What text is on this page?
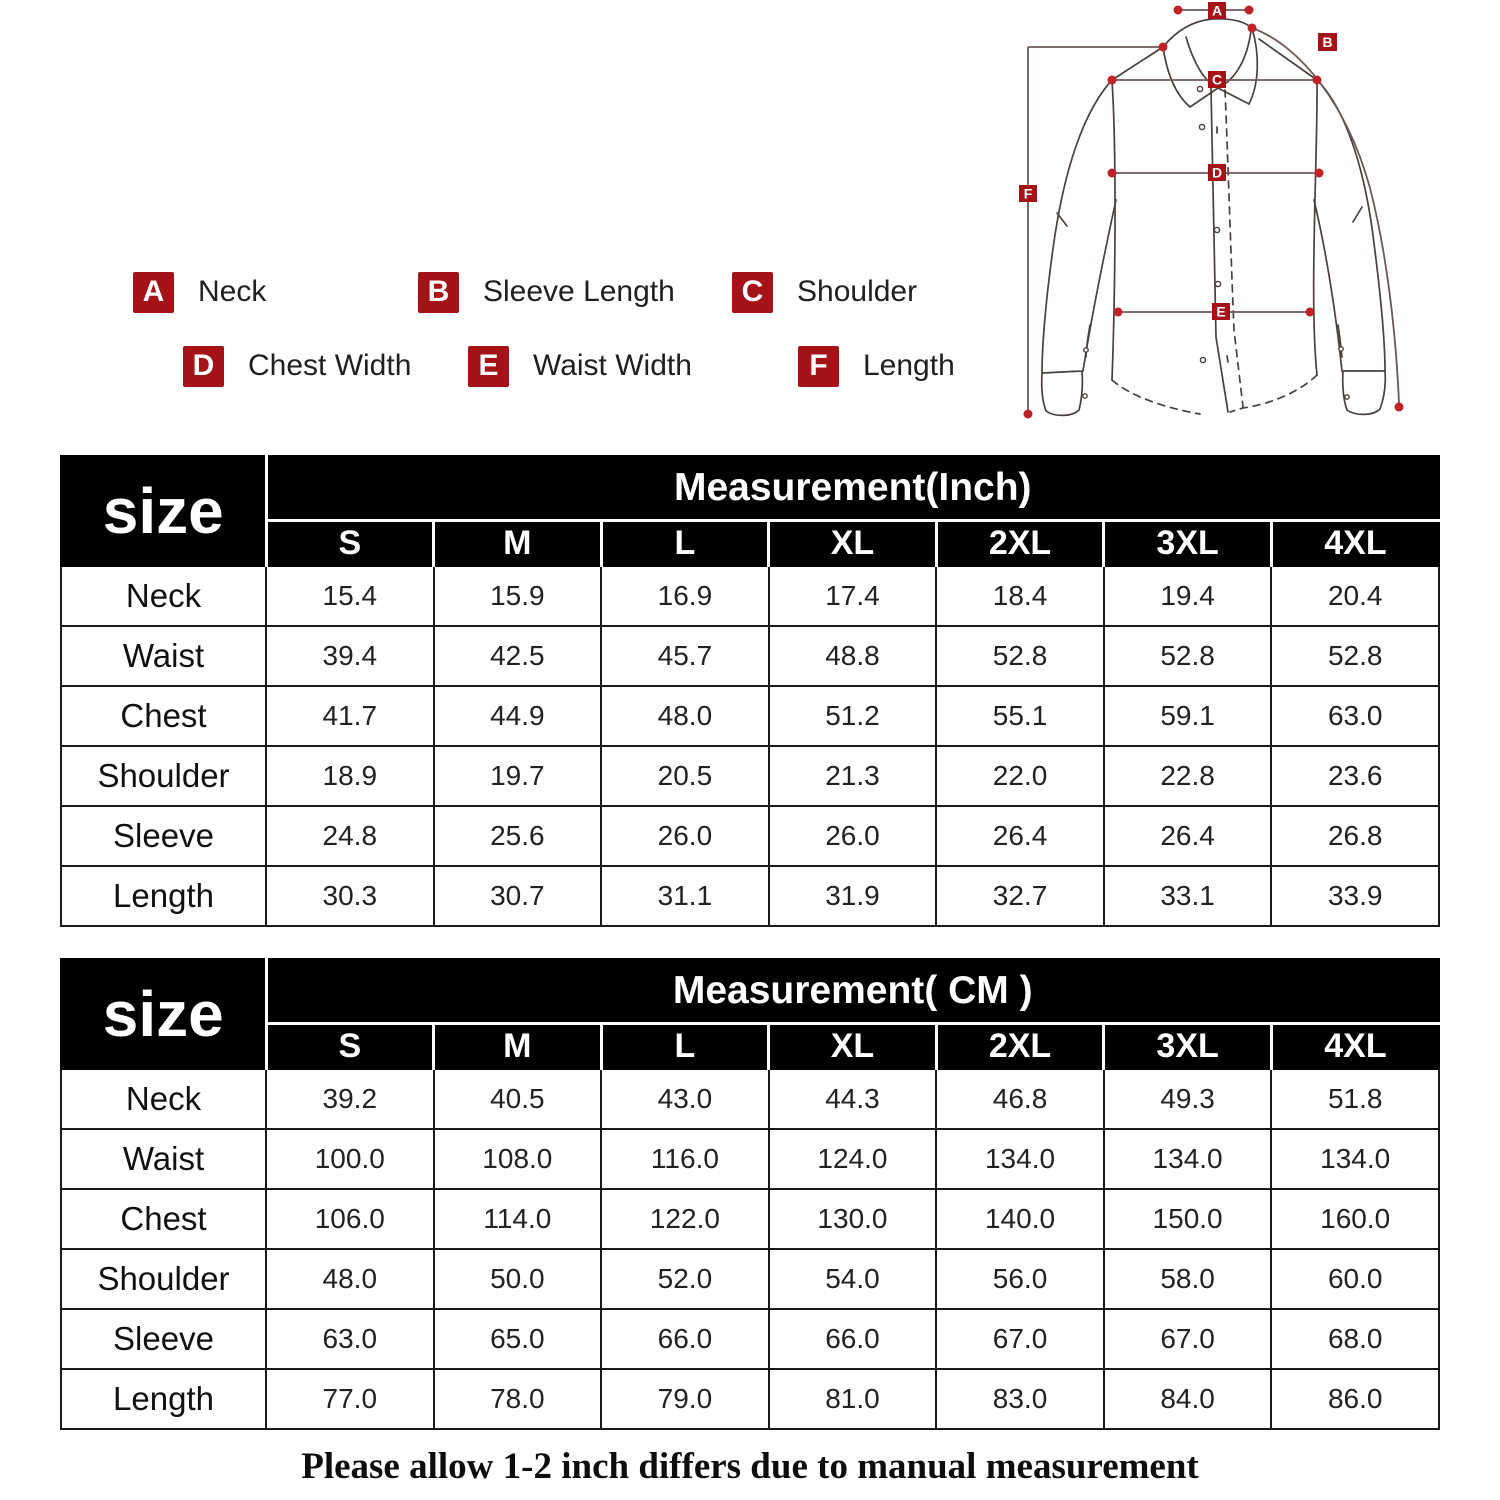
A	Neck	B	Sleeve Length	C	Shoulder
D	Chest Width	E	Waist Width	F	Length
A
B
C
D
E
F
size	Measurement(Inch)						
	S	M	L	XL	2XL	3XL	4XL
Neck	15.4	15.9	16.9	17.4	18.4	19.4	20.4
Waist	39.4	42.5	45.7	48.8	52.8	52.8	52.8
Chest	41.7	44.9	48.0	51.2	55.1	59.1	63.0
Shoulder	18.9	19.7	20.5	21.3	22.0	22.8	23.6
Sleeve	24.8	25.6	26.0	26.0	26.4	26.4	26.8
Length	30.3	30.7	31.1	31.9	32.7	33.1	33.9
size	Measurement( CM )						
	S	M	L	XL	2XL	3XL	4XL
Neck	39.2	40.5	43.0	44.3	46.8	49.3	51.8
Waist	100.0	108.0	116.0	124.0	134.0	134.0	134.0
Chest	106.0	114.0	122.0	130.0	140.0	150.0	160.0
Shoulder	48.0	50.0	52.0	54.0	56.0	58.0	60.0
Sleeve	63.0	65.0	66.0	66.0	67.0	67.0	68.0
Length	77.0	78.0	79.0	81.0	83.0	84.0	86.0
Please allow 1-2 inch differs due to manual measurement
